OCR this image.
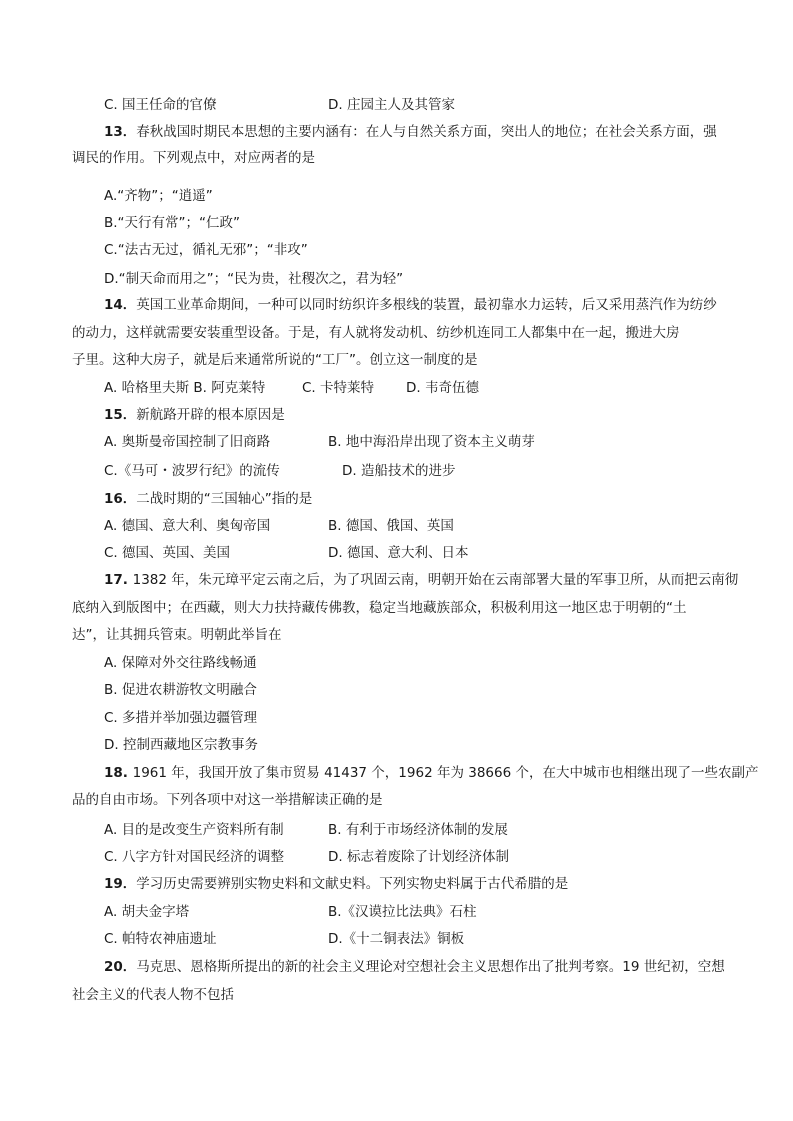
C. 国王任命的官僚	D. 庄园主人及其管家
13．春秋战国时期民本思想的主要内涵有：在人与自然关系方面，突出人的地位；在社会关系方面，强
调民的作用。下列观点中，对应两者的是
A.“齐物”；“逍遥”
B.“天行有常”；“仁政”
C.“法古无过，循礼无邪”；“非攻”
D.“制天命而用之”；“民为贵，社稷次之，君为轻”
14．英国工业革命期间，一种可以同时纺织许多根线的装置，最初靠水力运转，后又采用蒸汽作为纺纱
的动力，这样就需要安装重型设备。于是，有人就将发动机、纺纱机连同工人都集中在一起，搬进大房
子里。这种大房子，就是后来通常所说的“工厂”。创立这一制度的是
A. 哈格里夫斯 B. 阿克莱特	C. 卡特莱特 D. 韦奇伍德
15．新航路开辟的根本原因是
A. 奥斯曼帝国控制了旧商路	B. 地中海沿岸出现了资本主义萌芽
C.《马可・波罗行纪》的流传	D. 造船技术的进步
16．二战时期的“三国轴心”指的是
A. 德国、意大利、奥匈帝国	B. 德国、俄国、英国
C. 德国、英国、美国	D. 德国、意大利、日本
17. 1382 年，朱元璋平定云南之后，为了巩固云南，明朝开始在云南部署大量的军事卫所，从而把云南彻
底纳入到版图中；在西藏，则大力扶持藏传佛教，稳定当地藏族部众，积极利用这一地区忠于明朝的“土
达”，让其拥兵管束。明朝此举旨在
A. 保障对外交往路线畅通
B. 促进农耕游牧文明融合
C. 多措并举加强边疆管理
D. 控制西藏地区宗教事务
18. 1961 年，我国开放了集市贸易 41437 个，1962 年为 38666 个，在大中城市也相继出现了一些农副产
品的自由市场。下列各项中对这一举措解读正确的是
A. 目的是改变生产资料所有制	B. 有利于市场经济体制的发展
C. 八字方针对国民经济的调整	D. 标志着废除了计划经济体制
19．学习历史需要辨别实物史料和文献史料。下列实物史料属于古代希腊的是
A. 胡夫金字塔	B.《汉谟拉比法典》石柱
C. 帕特农神庙遗址	D.《十二铜表法》铜板
20．马克思、恩格斯所提出的新的社会主义理论对空想社会主义思想作出了批判考察。19 世纪初，空想
社会主义的代表人物不包括
